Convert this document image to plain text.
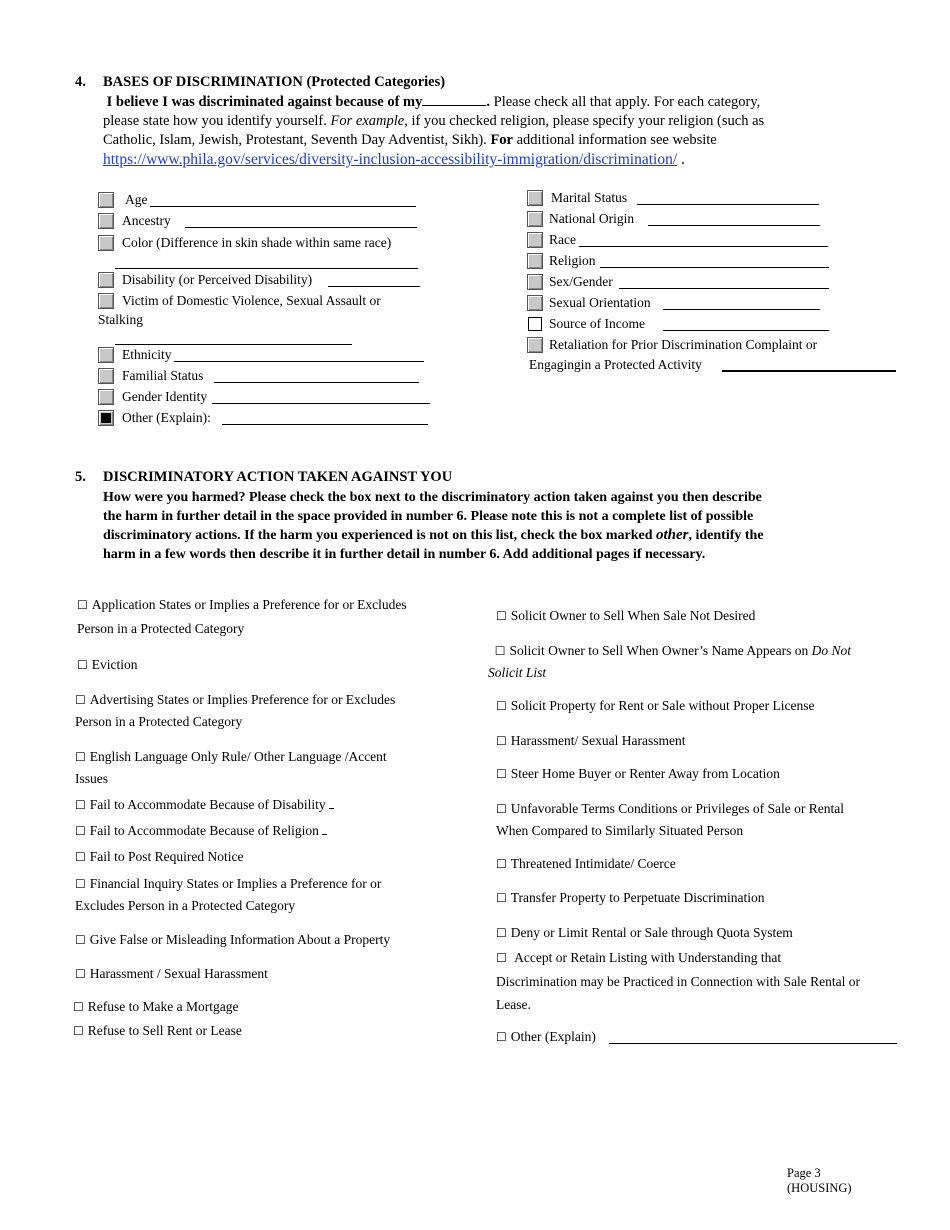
4. BASES OF DISCRIMINATION (Protected Categories)
I believe I was discriminated against because of my	. Please check all that apply. For each category,
please state how you identify yourself. For example, if you checked religion, please specify your religion (such as
Catholic, Islam, Jewish, Protestant, Seventh Day Adventist, Sikh). For additional information see website
https://www.phila.gov/services/diversity-inclusion-accessibility-immigration/discrimination/ .
Age
Ancestry
Color (Difference in skin shade within same race)
Disability (or Perceived Disability)
Victim of Domestic Violence, Sexual Assault or
Stalking
Ethnicity
Familial Status
Gender Identity
Other (Explain):
Marital Status
National Origin
Race
Religion
Sex/Gender
Sexual Orientation
Source of Income
Retaliation for Prior Discrimination Complaint or
Engagingin a Protected Activity
5. DISCRIMINATORY ACTION TAKEN AGAINST YOU
How were you harmed? Please check the box next to the discriminatory action taken against you then describe
the harm in further detail in the space provided in number 6. Please note this is not a complete list of possible
discriminatory actions. If the harm you experienced is not on this list, check the box marked other, identify the
harm in a few words then describe it in further detail in number 6. Add additional pages if necessary.
☐ Application States or Implies a Preference for or Excludes
Person in a Protected Category
☐ Eviction
☐ Advertising States or Implies Preference for or Excludes
Person in a Protected Category
☐ English Language Only Rule/ Other Language /Accent
Issues
☐ Fail to Accommodate Because of Disability
☐ Fail to Accommodate Because of Religion
☐ Fail to Post Required Notice
☐ Financial Inquiry States or Implies a Preference for or
Excludes Person in a Protected Category
☐ Give False or Misleading Information About a Property
☐ Harassment / Sexual Harassment
☐ Refuse to Make a Mortgage
☐ Refuse to Sell Rent or Lease
☐ Solicit Owner to Sell When Sale Not Desired
☐ Solicit Owner to Sell When Owner’s Name Appears on Do Not
Solicit List
☐ Solicit Property for Rent or Sale without Proper License
☐ Harassment/ Sexual Harassment
☐ Steer Home Buyer or Renter Away from Location
☐ Unfavorable Terms Conditions or Privileges of Sale or Rental
When Compared to Similarly Situated Person
☐ Threatened Intimidate/ Coerce
☐ Transfer Property to Perpetuate Discrimination
☐ Deny or Limit Rental or Sale through Quota System
☐ Accept or Retain Listing with Understanding that
Discrimination may be Practiced in Connection with Sale Rental or
Lease.
☐ Other (Explain)
Page 3
(HOUSING)
